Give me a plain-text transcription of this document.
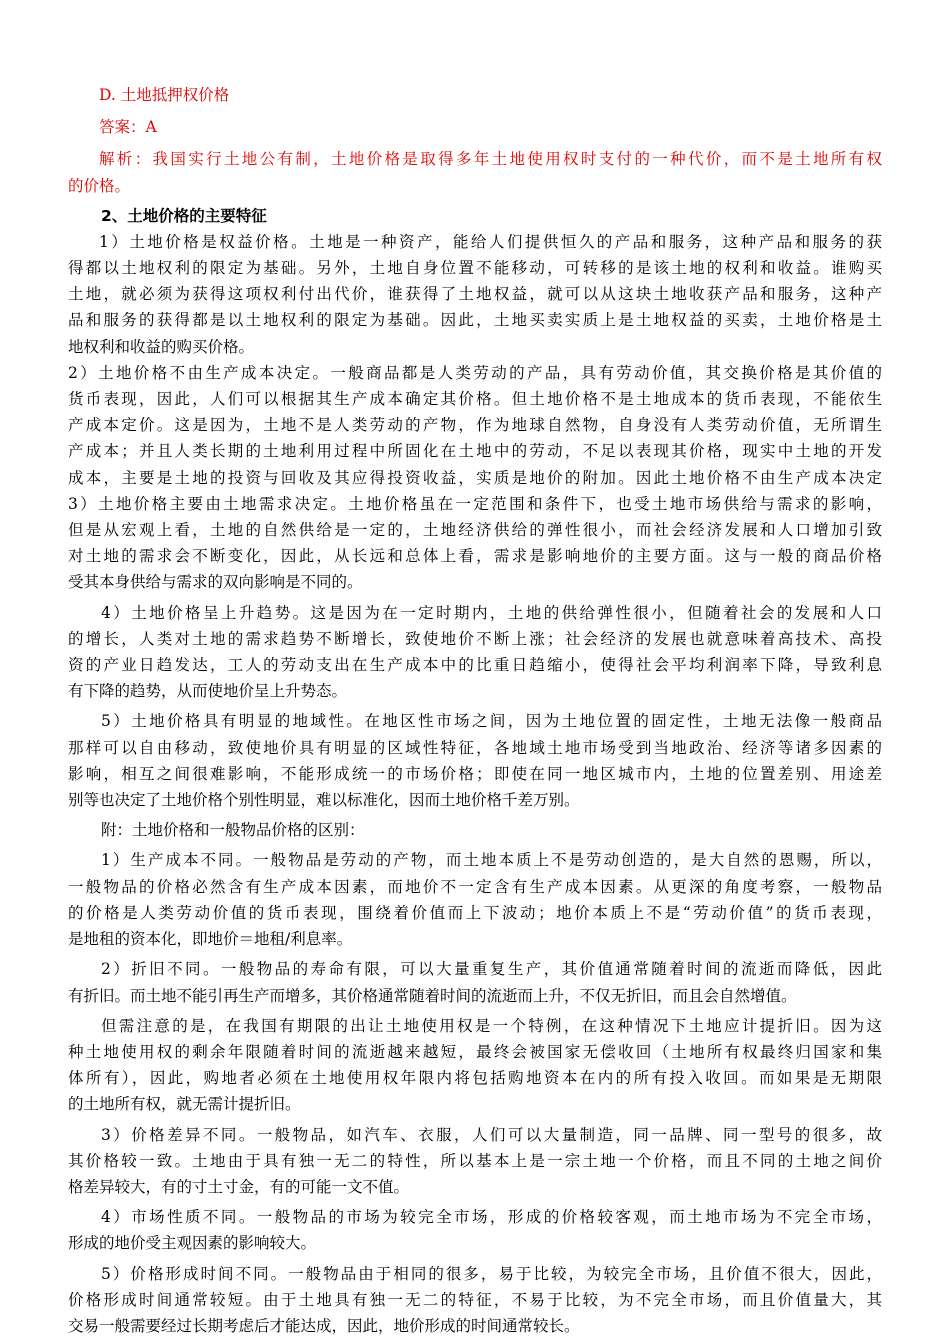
D. 土地抵押权价格

答案：A

解析：我国实行土地公有制，土地价格是取得多年土地使用权时支付的一种代价，而不是土地所有权

的价格。

2、土地价格的主要特征

1）土地价格是权益价格。土地是一种资产，能给人们提供恒久的产品和服务，这种产品和服务的获

得都以土地权利的限定为基础。另外，土地自身位置不能移动，可转移的是该土地的权利和收益。谁购买

土地，就必须为获得这项权利付出代价，谁获得了土地权益，就可以从这块土地收获产品和服务，这种产

品和服务的获得都是以土地权利的限定为基础。因此，土地买卖实质上是土地权益的买卖，土地价格是土

地权利和收益的购买价格。

2）土地价格不由生产成本决定。一般商品都是人类劳动的产品，具有劳动价值，其交换价格是其价值的

货币表现，因此，人们可以根据其生产成本确定其价格。但土地价格不是土地成本的货币表现，不能依生

产成本定价。这是因为，土地不是人类劳动的产物，作为地球自然物，自身没有人类劳动价值，无所谓生

产成本；并且人类长期的土地利用过程中所固化在土地中的劳动，不足以表现其价格，现实中土地的开发

成本，主要是土地的投资与回收及其应得投资收益，实质是地价的附加。因此土地价格不由生产成本决定

3）土地价格主要由土地需求决定。土地价格虽在一定范围和条件下，也受土地市场供给与需求的影响，

但是从宏观上看，土地的自然供给是一定的，土地经济供给的弹性很小，而社会经济发展和人口增加引致

对土地的需求会不断变化，因此，从长远和总体上看，需求是影响地价的主要方面。这与一般的商品价格

受其本身供给与需求的双向影响是不同的。

4）土地价格呈上升趋势。这是因为在一定时期内，土地的供给弹性很小，但随着社会的发展和人口

的增长，人类对土地的需求趋势不断增长，致使地价不断上涨；社会经济的发展也就意味着高技术、高投

资的产业日趋发达，工人的劳动支出在生产成本中的比重日趋缩小，使得社会平均利润率下降，导致利息

有下降的趋势，从而使地价呈上升势态。

5）土地价格具有明显的地域性。在地区性市场之间，因为土地位置的固定性，土地无法像一般商品

那样可以自由移动，致使地价具有明显的区域性特征，各地域土地市场受到当地政治、经济等诸多因素的

影响，相互之间很难影响，不能形成统一的市场价格；即使在同一地区城市内，土地的位置差别、用途差

别等也决定了土地价格个别性明显，难以标准化，因而土地价格千差万别。

附：土地价格和一般物品价格的区别：

1）生产成本不同。一般物品是劳动的产物，而土地本质上不是劳动创造的，是大自然的恩赐，所以，

一般物品的价格必然含有生产成本因素，而地价不一定含有生产成本因素。从更深的角度考察，一般物品

的价格是人类劳动价值的货币表现，围绕着价值而上下波动；地价本质上不是“劳动价值”的货币表现，

是地租的资本化，即地价＝地租/利息率。

2）折旧不同。一般物品的寿命有限，可以大量重复生产，其价值通常随着时间的流逝而降低，因此

有折旧。而土地不能引再生产而增多，其价格通常随着时间的流逝而上升，不仅无折旧，而且会自然增值。

但需注意的是，在我国有期限的出让土地使用权是一个特例，在这种情况下土地应计提折旧。因为这

种土地使用权的剩余年限随着时间的流逝越来越短，最终会被国家无偿收回（土地所有权最终归国家和集

体所有），因此，购地者必须在土地使用权年限内将包括购地资本在内的所有投入收回。而如果是无期限

的土地所有权，就无需计提折旧。

3）价格差异不同。一般物品，如汽车、衣服，人们可以大量制造，同一品牌、同一型号的很多，故

其价格较一致。土地由于具有独一无二的特性，所以基本上是一宗土地一个价格，而且不同的土地之间价

格差异较大，有的寸土寸金，有的可能一文不值。

4）市场性质不同。一般物品的市场为较完全市场，形成的价格较客观，而土地市场为不完全市场，

形成的地价受主观因素的影响较大。

5）价格形成时间不同。一般物品由于相同的很多，易于比较，为较完全市场，且价值不很大，因此，

价格形成时间通常较短。由于土地具有独一无二的特征，不易于比较，为不完全市场，而且价值量大，其

交易一般需要经过长期考虑后才能达成，因此，地价形成的时间通常较长。
